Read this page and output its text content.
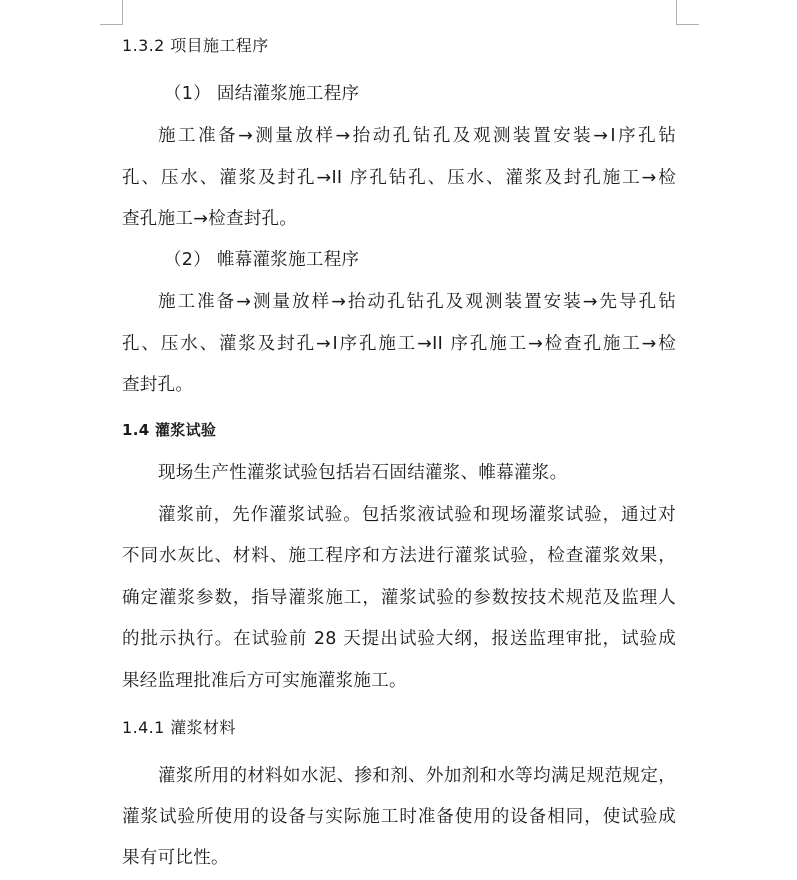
1.3.2 项目施工程序
（1） 固结灌浆施工程序
施工准备→测量放样→抬动孔钻孔及观测装置安装→Ⅰ序孔钻
孔、压水、灌浆及封孔→II 序孔钻孔、压水、灌浆及封孔施工→检
查孔施工→检查封孔。
（2） 帷幕灌浆施工程序
施工准备→测量放样→抬动孔钻孔及观测装置安装→先导孔钻
孔、压水、灌浆及封孔→Ⅰ序孔施工→II 序孔施工→检查孔施工→检
查封孔。
1.4 灌浆试验
现场生产性灌浆试验包括岩石固结灌浆、帷幕灌浆。
灌浆前，先作灌浆试验。包括浆液试验和现场灌浆试验，通过对
不同水灰比、材料、施工程序和方法进行灌浆试验，检查灌浆效果，
确定灌浆参数，指导灌浆施工，灌浆试验的参数按技术规范及监理人
的批示执行。在试验前 28 天提出试验大纲，报送监理审批，试验成
果经监理批准后方可实施灌浆施工。
1.4.1 灌浆材料
灌浆所用的材料如水泥、掺和剂、外加剂和水等均满足规范规定，
灌浆试验所使用的设备与实际施工时准备使用的设备相同，使试验成
果有可比性。
